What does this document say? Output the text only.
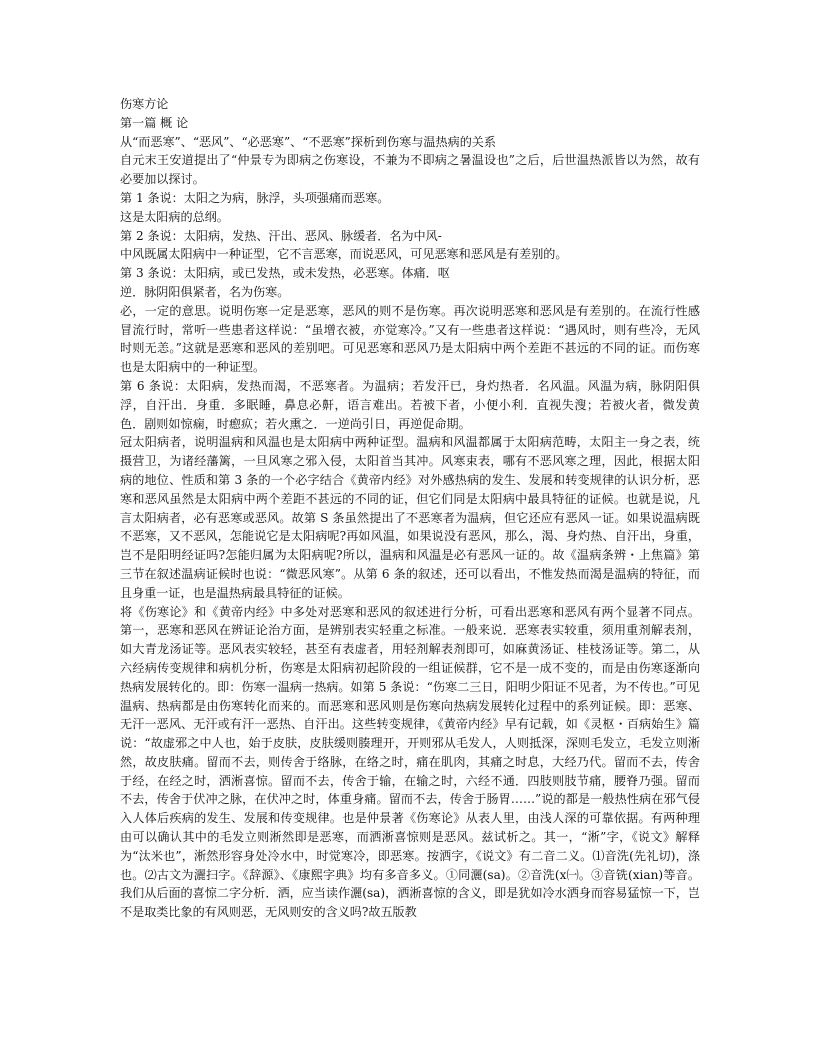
伤寒方论

第一篇 概 论

从“而恶寒”、“恶风”、“必恶寒”、“不恶寒”探析到伤寒与温热病的关系

自元末王安道提出了“仲景专为即病之伤寒设，不兼为不即病之暑温设也”之后，后世温热派皆以为然，故有必要加以探讨。

第 1 条说：太阳之为病，脉浮，头项强痛而恶寒。

这是太阳病的总纲。

第 2 条说：太阳病，发热、汗出、恶风、脉缓者．名为中风-

中风既属太阳病中一种证型，它不言恶寒，而说恶风，可见恶寒和恶风是有差别的。

第 3 条说：太阳病，或已发热，或未发热，必恶寒。体痛．呕

逆．脉阴阳俱紧者，名为伤寒。

必，一定的意思。说明伤寒一定是恶寒，恶风的则不是伤寒。再次说明恶寒和恶风是有差别的。在流行性感冒流行时，常听一些患者这样说：“虽增衣被，亦觉寒冷。”又有一些患者这样说：“遇风时，则有些冷，无风时则无恙。”这就是恶寒和恶风的差别吧。可见恶寒和恶风乃是太阳病中两个差距不甚远的不同的证。而伤寒也是太阳病中的一种证型。

第 6 条说：太阳病，发热而渴，不恶寒者。为温病；若发汗已，身灼热者．名风温。风温为病，脉阴阳俱浮，自汗出．身重．多眠睡，鼻息必鼾，语言难出。若被下者，小便小利．直视失溲；若被火者，微发黄色．剧则如惊痫，时瘛疭；若火熏之．一逆尚引日，再逆促命期。

冠太阳病者，说明温病和风温也是太阳病中两种证型。温病和风温都属于太阳病范畴，太阳主一身之表，统摄营卫，为诸经藩篱，一旦风寒之邪入侵，太阳首当其冲。风寒束表，哪有不恶风寒之理，因此，根据太阳病的地位、性质和第 3 条的一个必字结合《黄帝内经》对外感热病的发生、发展和转变规律的认识分析，恶寒和恶风虽然是太阳病中两个差距不甚远的不同的证，但它们同是太阳病中最具特征的证候。也就是说，凡言太阳病者，必有恶寒或恶风。故第 S 条虽然提出了不恶寒者为温病，但它还应有恶风一证。如果说温病既不恶寒，又不恶风，怎能说它是太阳病呢?再如风温，如果说没有恶风，那么，渴、身灼热、自汗出，身重，岂不是阳明经证吗?怎能归属为太阳病呢?所以，温病和风温是必有恶风一证的。故《温病条辨・上焦篇》第三节在叙述温病证候时也说：“微恶风寒”。从第 6 条的叙述，还可以看出，不惟发热而渴是温病的特征，而且身重一证，也是温热病最具特征的证候。

将《伤寒论》和《黄帝内经》中多处对恶寒和恶风的叙述进行分析，可看出恶寒和恶风有两个显著不同点。第一，恶寒和恶风在辨证论治方面，是辨别表实轻重之标准。一般来说．恶寒表实较重，须用重剂解表剂，如大青龙汤证等。恶风表实较轻，甚至有表虚者，用轻剂解表剂即可，如麻黄汤证、桂枝汤证等。第二，从六经病传变规律和病机分析，伤寒是太阳病初起阶段的一组证候群，它不是一成不变的，而是由伤寒逐渐向热病发展转化的。即：伤寒一温病一热病。如第 5 条说：“伤寒二三日，阳明少阳证不见者，为不传也。”可见温病、热病都是由伤寒转化而来的。而恶寒和恶风则是伤寒向热病发展转化过程中的系列证候。即：恶寒、无汗一恶风、无汗或有汗一恶热、自汗出。这些转变规律，《黄帝内经》早有记载，如《灵枢・百病始生》篇说：“故虚邪之中人也，始于皮肤，皮肤缓则腠理开，开则邪从毛发人，人则抵深，深则毛发立，毛发立则淅然，故皮肤痛。留而不去，则传舍于络脉，在络之时，痛在肌肉，其痛之时息，大经乃代。留而不去，传舍于经，在经之时，洒淅喜惊。留而不去，传舍于输，在输之时，六经不通．四肢则肢节痛，腰脊乃强。留而不去，传舍于伏冲之脉，在伏冲之时，体重身痛。留而不去，传舍于肠胃……”说的都是一般热性病在邪气侵入人体后疾病的发生、发展和传变规律。也是仲景著《伤寒论》从表人里，由浅人深的可靠依据。有两种理由可以确认其中的毛发立则淅然即是恶寒，而洒淅喜惊则是恶风。兹试析之。其一，“淅”字，《说文》解释为“汰米也”，淅然形容身处冷水中，时觉寒冷，即恶寒。按洒字，《说文》有二音二义。⑴音洗(先礼切)，涤也。⑵古文为灑扫字。《辞源》、《康熙字典》均有多音多义。①同灑(sa)。②音洗(x㈠。③音铣(xian)等音。我们从后面的喜惊二字分析．洒，应当读作灑(sa)，洒淅喜惊的含义，即是犹如冷水洒身而容易猛惊一下，岂不是取类比象的有风则恶，无风则安的含义吗?故五版教
